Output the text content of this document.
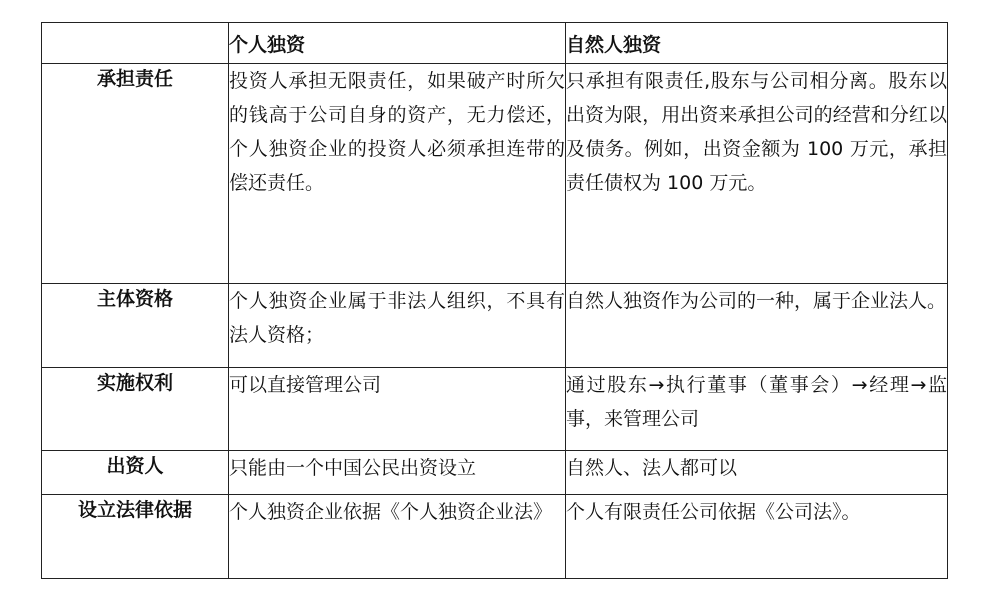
	个人独资	自然人独资
承担责任	投资人承担无限责任，如果破产时所欠的钱高于公司自身的资产，无力偿还，个人独资企业的投资人必须承担连带的偿还责任。	只承担有限责任,股东与公司相分离。股东以出资为限，用出资来承担公司的经营和分红以及债务。例如，出资金额为 100 万元，承担责任债权为 100 万元。
主体资格	个人独资企业属于非法人组织，不具有法人资格；	自然人独资作为公司的一种，属于企业法人。
实施权利	可以直接管理公司	通过股东→执行董事（董事会）→经理→监事，来管理公司
出资人	只能由一个中国公民出资设立	自然人、法人都可以
设立法律依据	个人独资企业依据《个人独资企业法》	个人有限责任公司依据《公司法》。
